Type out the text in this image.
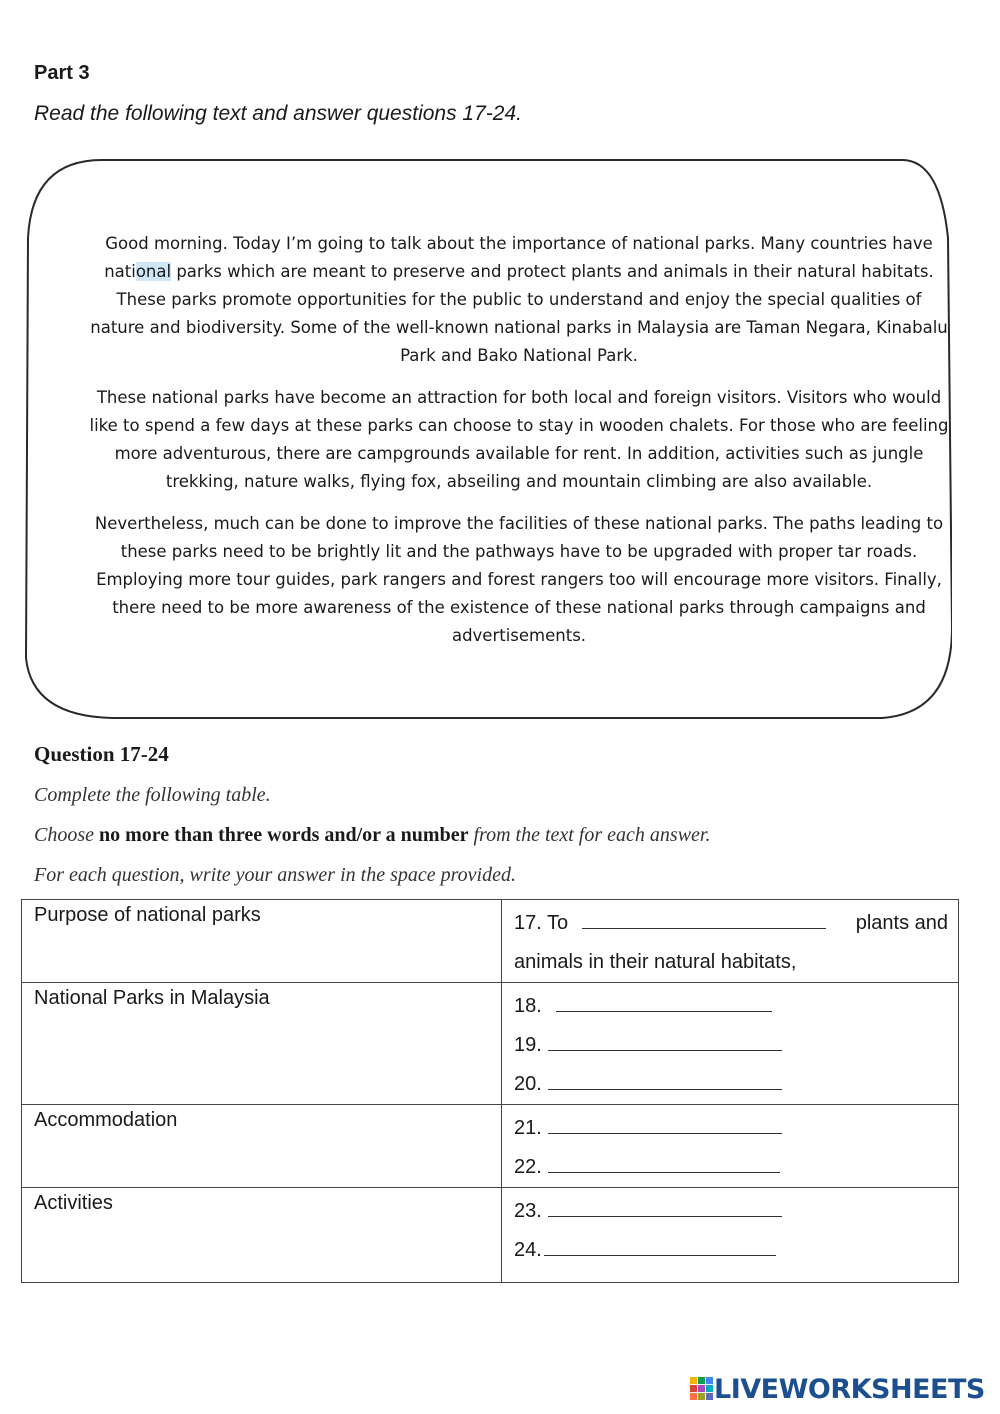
Part 3
Read the following text and answer questions 17-24.

Good morning. Today I’m going to talk about the importance of national parks. Many countries have national parks which are meant to preserve and protect plants and animals in their natural habitats. These parks promote opportunities for the public to understand and enjoy the special qualities of nature and biodiversity. Some of the well-known national parks in Malaysia are Taman Negara, Kinabalu Park and Bako National Park.

These national parks have become an attraction for both local and foreign visitors. Visitors who would like to spend a few days at these parks can choose to stay in wooden chalets. For those who are feeling more adventurous, there are campgrounds available for rent. In addition, activities such as jungle trekking, nature walks, flying fox, abseiling and mountain climbing are also available.

Nevertheless, much can be done to improve the facilities of these national parks. The paths leading to these parks need to be brightly lit and the pathways have to be upgraded with proper tar roads. Employing more tour guides, park rangers and forest rangers too will encourage more visitors. Finally, there need to be more awareness of the existence of these national parks through campaigns and advertisements.

Question 17-24
Complete the following table.
Choose no more than three words and/or a number from the text for each answer.
For each question, write your answer in the space provided.
Purpose of national parks	17. To plants and
animals in their natural habitats,

National Parks in Malaysia	18.
19.
20.

Accommodation	21.
22.

Activities	23.
24.
LIVEWORKSHEETS
